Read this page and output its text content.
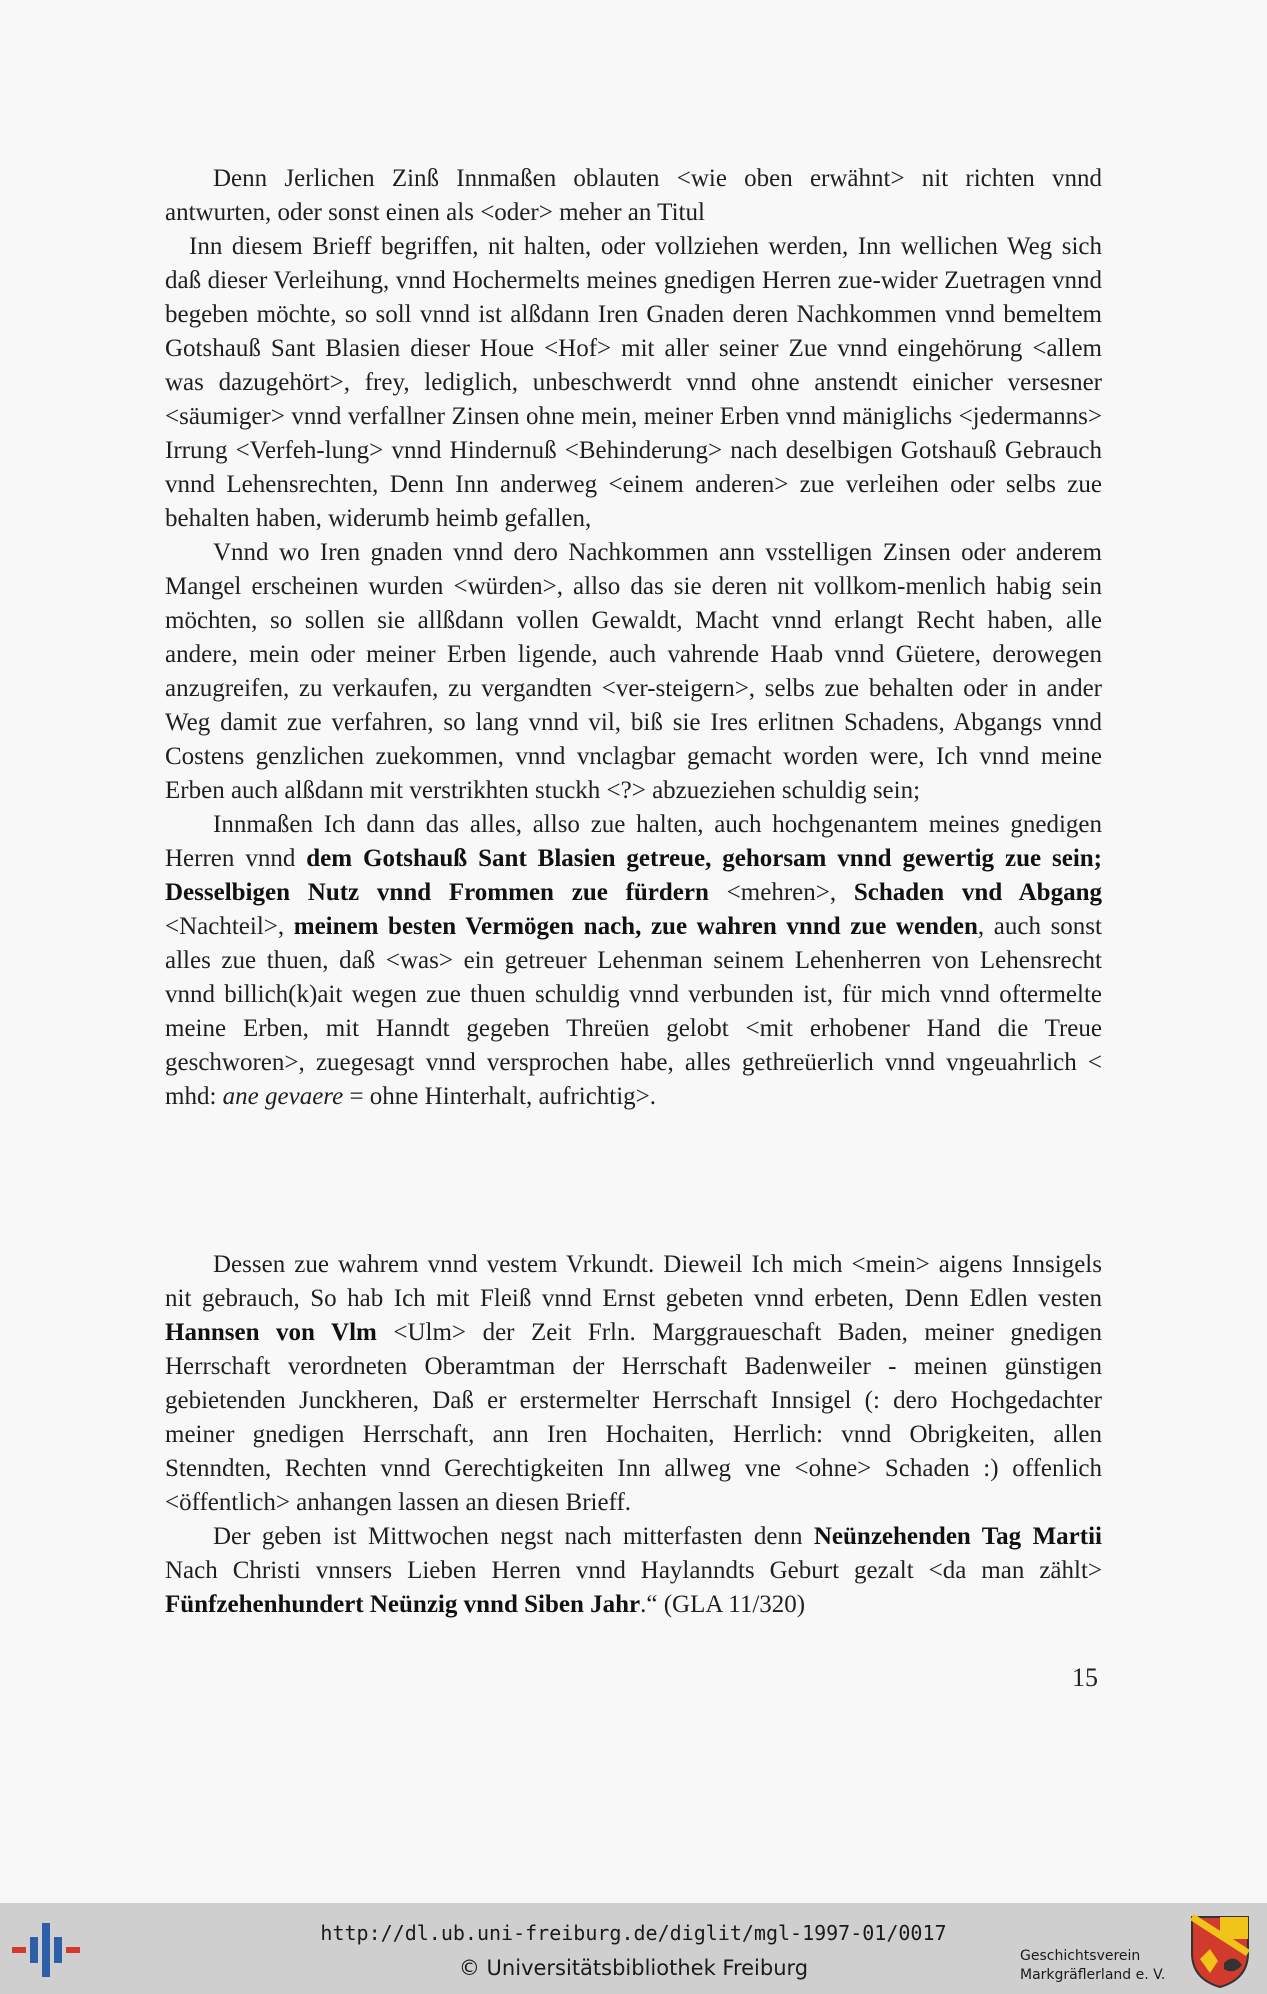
Denn Jerlichen Zinß Innmaßen oblauten <wie oben erwähnt> nit richten vnnd antwurten, oder sonst einen als <oder> meher an Titul

Inn diesem Brieff begriffen, nit halten, oder vollziehen werden, Inn wellichen Weg sich daß dieser Verleihung, vnnd Hochermelts meines gnedigen Herren zue-wider Zuetragen vnnd begeben möchte, so soll vnnd ist alßdann Iren Gnaden deren Nachkommen vnnd bemeltem Gotshauß Sant Blasien dieser Houe <Hof> mit aller seiner Zue vnnd eingehörung <allem was dazugehört>, frey, lediglich, unbeschwerdt vnnd ohne anstendt einicher versesner <säumiger> vnnd verfallner Zinsen ohne mein, meiner Erben vnnd mäniglichs <jedermanns> Irrung <Verfeh-lung> vnnd Hindernuß <Behinderung> nach deselbigen Gotshauß Gebrauch vnnd Lehensrechten, Denn Inn anderweg <einem anderen> zue verleihen oder selbs zue behalten haben, widerumb heimb gefallen,

Vnnd wo Iren gnaden vnnd dero Nachkommen ann vsstelligen Zinsen oder anderem Mangel erscheinen wurden <würden>, allso das sie deren nit vollkom-menlich habig sein möchten, so sollen sie allßdann vollen Gewaldt, Macht vnnd erlangt Recht haben, alle andere, mein oder meiner Erben ligende, auch vahrende Haab vnnd Güetere, derowegen anzugreifen, zu verkaufen, zu vergandten <ver-steigern>, selbs zue behalten oder in ander Weg damit zue verfahren, so lang vnnd vil, biß sie Ires erlitnen Schadens, Abgangs vnnd Costens genzlichen zuekommen, vnnd vnclagbar gemacht worden were, Ich vnnd meine Erben auch alßdann mit verstrikhten stuckh <?> abzueziehen schuldig sein;

Innmaßen Ich dann das alles, allso zue halten, auch hochgenantem meines gnedigen Herren vnnd dem Gotshauß Sant Blasien getreue, gehorsam vnnd gewertig zue sein; Desselbigen Nutz vnnd Frommen zue fürdern <mehren>, Schaden vnd Abgang <Nachteil>, meinem besten Vermögen nach, zue wahren vnnd zue wenden, auch sonst alles zue thuen, daß <was> ein getreuer Lehenman seinem Lehenherren von Lehensrecht vnnd billich(k)ait wegen zue thuen schuldig vnnd verbunden ist, für mich vnnd oftermelte meine Erben, mit Hanndt gegeben Threüen gelobt <mit erhobener Hand die Treue geschworen>, zuegesagt vnnd versprochen habe, alles gethreüerlich vnnd vngeuahrlich < mhd: ane gevaere = ohne Hinterhalt, aufrichtig>.

Dessen zue wahrem vnnd vestem Vrkundt. Dieweil Ich mich <mein> aigens Innsigels nit gebrauch, So hab Ich mit Fleiß vnnd Ernst gebeten vnnd erbeten, Denn Edlen vesten Hannsen von Vlm <Ulm> der Zeit Frln. Marggraueschaft Baden, meiner gnedigen Herrschaft verordneten Oberamtman der Herrschaft Badenweiler - meinen günstigen gebietenden Junckheren, Daß er erstermelter Herrschaft Innsigel (: dero Hochgedachter meiner gnedigen Herrschaft, ann Iren Hochaiten, Herrlich: vnnd Obrigkeiten, allen Stenndten, Rechten vnnd Gerechtigkeiten Inn allweg vne <ohne> Schaden :) offenlich <öffentlich> anhangen lassen an diesen Brieff.

Der geben ist Mittwochen negst nach mitterfasten denn Neünzehenden Tag Martii Nach Christi vnnsers Lieben Herren vnnd Haylanndts Geburt gezalt <da man zählt> Fünfzehenhundert Neünzig vnnd Siben Jahr.“ (GLA 11/320)

15
http://dl.ub.uni-freiburg.de/diglit/mgl-1997-01/0017
© Universitätsbibliothek Freiburg	Geschichtsverein
Markgräflerland e. V.
